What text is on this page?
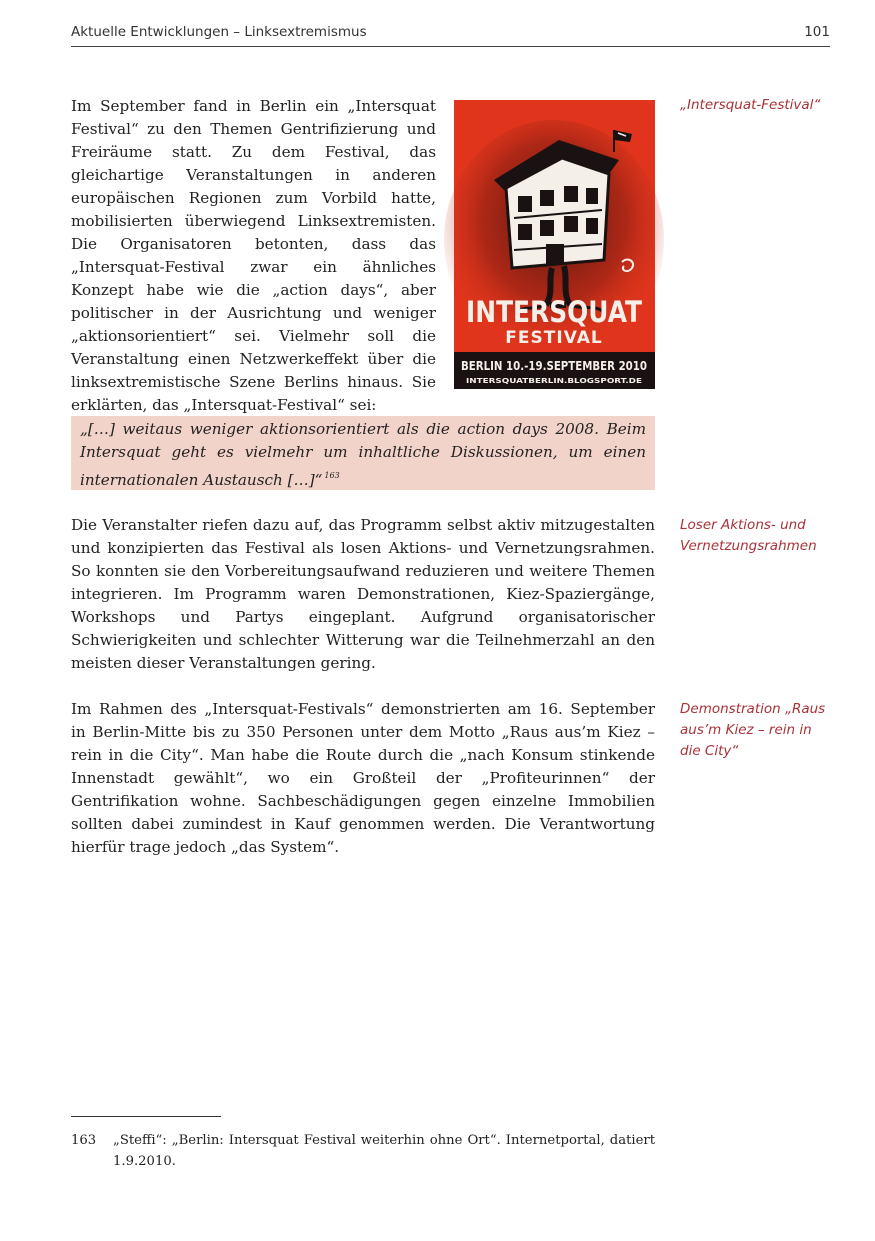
Aktuelle Entwicklungen – Linksextremismus	101
Im September fand in Berlin ein „Intersquat Festival“ zu den Themen Gentrifizierung und Freiräume statt. Zu dem Festival, das gleichartige Veranstaltungen in anderen europäischen Regionen zum Vorbild hatte, mobilisierten überwiegend Linksextremisten. Die Organisatoren betonten, dass das „Intersquat-Festival zwar ein ähnliches Konzept habe wie die „action days“, aber politischer in der Ausrichtung und weniger „aktionsorientiert“ sei. Vielmehr soll die Veranstaltung einen Netzwerkeffekt über die linksextremistische Szene Berlins hinaus. Sie erklärten, das „Intersquat-Festival“ sei:
INTERSQUAT
FESTIVAL
BERLIN 10.-19.SEPTEMBER 2010
INTERSQUATBERLIN.BLOGSPORT.DE
„[…] weitaus weniger aktionsorientiert als die action days 2008. Beim Intersquat geht es vielmehr um inhaltliche Diskussionen, um einen internationalen Austausch […]“ $^{163}$
Die Veranstalter riefen dazu auf, das Programm selbst aktiv mitzugestalten und konzipierten das Festival als losen Aktions- und Vernetzungsrahmen. So konnten sie den Vorbereitungsaufwand reduzieren und weitere Themen integrieren. Im Programm waren Demonstrationen, Kiez-Spaziergänge, Workshops und Partys eingeplant. Aufgrund organisatorischer Schwierigkeiten und schlechter Witterung war die Teilnehmerzahl an den meisten dieser Veranstaltungen gering.
Im Rahmen des „Intersquat-Festivals“ demonstrierten am 16. September in Berlin-Mitte bis zu 350 Personen unter dem Motto „Raus aus’m Kiez – rein in die City“. Man habe die Route durch die „nach Konsum stinkende Innenstadt gewählt“, wo ein Großteil der „Profiteurinnen“ der Gentrifikation wohne. Sachbeschädigungen gegen einzelne Immobilien sollten dabei zumindest in Kauf genommen werden. Die Verantwortung hierfür trage jedoch „das System“.
„Intersquat-Festival“
Loser Aktions- und Vernetzungsrahmen
Demonstration „Raus aus’m Kiez – rein in die City“
163 „Steffi“: „Berlin: Intersquat Festival weiterhin ohne Ort“. Internetportal, datiert 1.9.2010.
